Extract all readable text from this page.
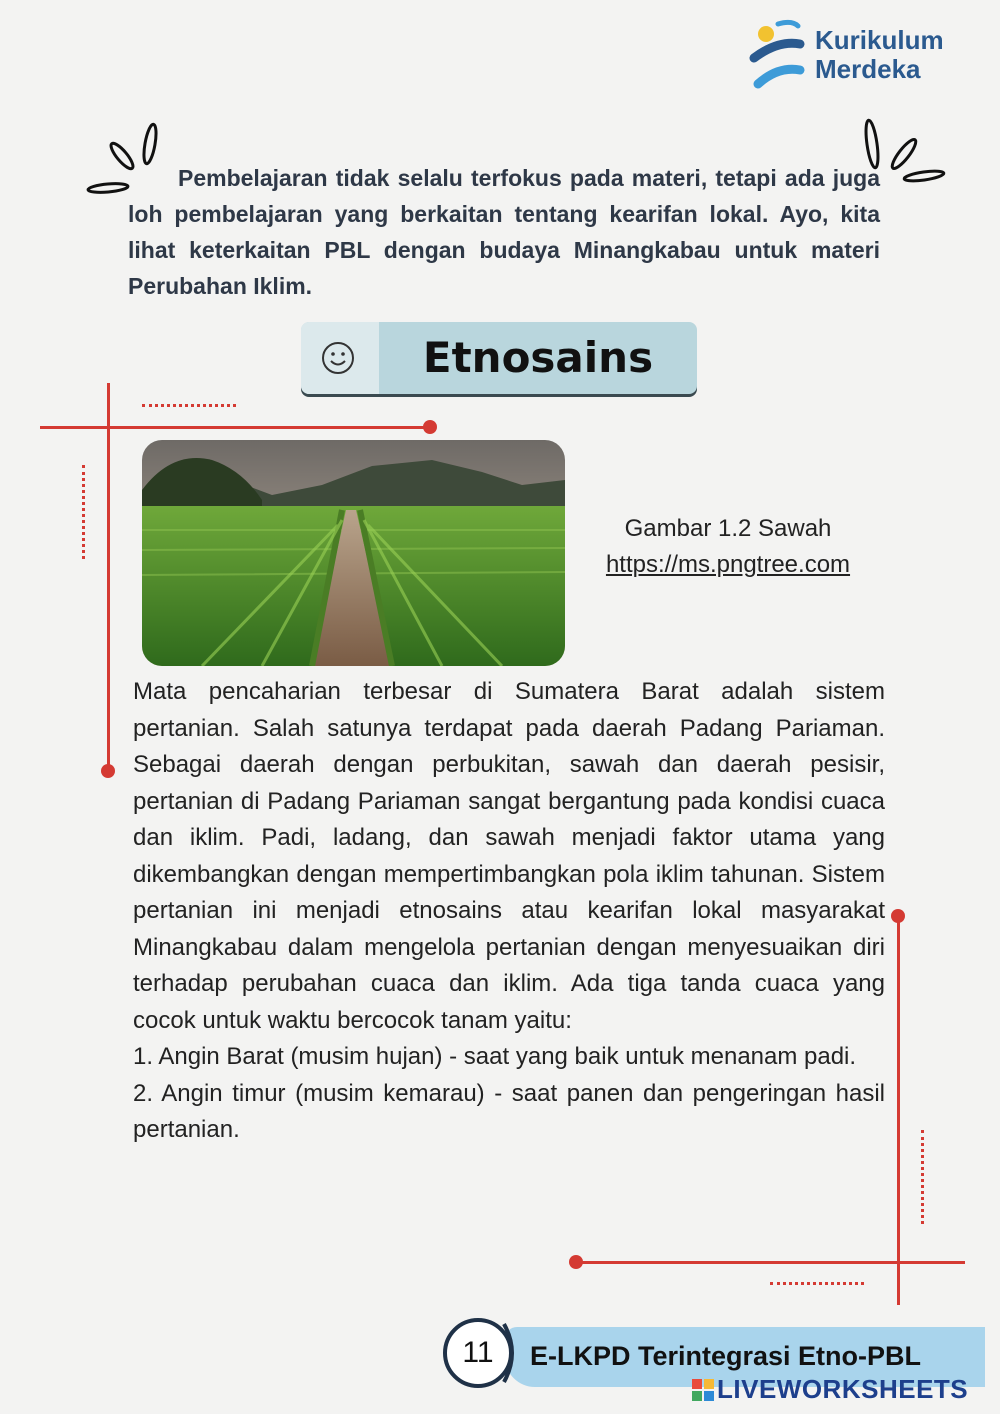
Kurikulum
Merdeka
Pembelajaran tidak selalu terfokus pada materi, tetapi ada juga loh pembelajaran yang berkaitan tentang kearifan lokal. Ayo, kita lihat keterkaitan PBL dengan budaya Minangkabau untuk materi Perubahan Iklim.
Etnosains
Gambar 1.2 Sawah
https://ms.pngtree.com

Mata pencaharian terbesar di Sumatera Barat adalah sistem pertanian. Salah satunya terdapat pada daerah Padang Pariaman. Sebagai daerah dengan perbukitan, sawah dan daerah pesisir, pertanian di Padang Pariaman sangat bergantung pada kondisi cuaca dan iklim. Padi, ladang, dan sawah menjadi faktor utama yang dikembangkan dengan mempertimbangkan pola iklim tahunan. Sistem pertanian ini menjadi etnosains atau kearifan lokal masyarakat Minangkabau dalam mengelola pertanian dengan menyesuaikan diri terhadap perubahan cuaca dan iklim. Ada tiga tanda cuaca yang cocok untuk waktu bercocok tanam yaitu:

1. Angin Barat (musim hujan) - saat yang baik untuk menanam padi.

2. Angin timur (musim kemarau) - saat panen dan pengeringan hasil pertanian.

E-LKPD Terintegrasi Etno-PBL
11
LIVEWORKSHEETS
